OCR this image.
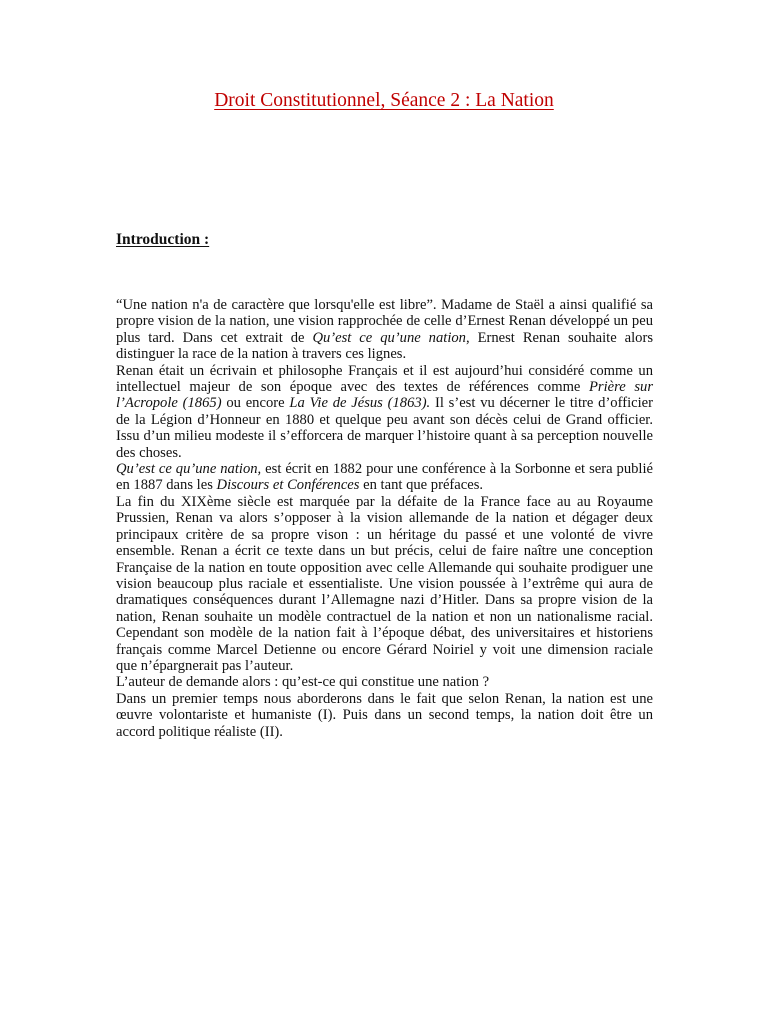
Droit Constitutionnel, Séance 2 : La Nation
Introduction :

“Une nation n'a de caractère que lorsqu'elle est libre”. Madame de Staël a ainsi qualifié sa propre vision de la nation, une vision rapprochée de celle d’Ernest Renan développé un peu plus tard. Dans cet extrait de Qu’est ce qu’une nation, Ernest Renan souhaite alors distinguer la race de la nation à travers ces lignes.

Renan était un écrivain et philosophe Français et il est aujourd’hui considéré comme un intellectuel majeur de son époque avec des textes de références comme Prière sur l’Acropole (1865) ou encore La Vie de Jésus (1863). Il s’est vu décerner le titre d’officier de la Légion d’Honneur en 1880 et quelque peu avant son décès celui de Grand officier. Issu d’un milieu modeste il s’efforcera de marquer l’histoire quant à sa perception nouvelle des choses.

Qu’est ce qu’une nation, est écrit en 1882 pour une conférence à la Sorbonne et sera publié en 1887 dans les Discours et Conférences en tant que préfaces.

La fin du XIXème siècle est marquée par la défaite de la France face au au Royaume Prussien, Renan va alors s’opposer à la vision allemande de la nation et dégager deux principaux critère de sa propre vison : un héritage du passé et une volonté de vivre ensemble. Renan a écrit ce texte dans un but précis, celui de faire naître une conception Française de la nation en toute opposition avec celle Allemande qui souhaite prodiguer une vision beaucoup plus raciale et essentialiste. Une vision poussée à l’extrême qui aura de dramatiques conséquences durant l’Allemagne nazi d’Hitler. Dans sa propre vision de la nation, Renan souhaite un modèle contractuel de la nation et non un nationalisme racial. Cependant son modèle de la nation fait à l’époque débat, des universitaires et historiens français comme Marcel Detienne ou encore Gérard Noiriel y voit une dimension raciale que n’épargnerait pas l’auteur.

L’auteur de demande alors : qu’est-ce qui constitue une nation ?

Dans un premier temps nous aborderons dans le fait que selon Renan, la nation est une œuvre volontariste et humaniste (I). Puis dans un second temps, la nation doit être un accord politique réaliste (II).
